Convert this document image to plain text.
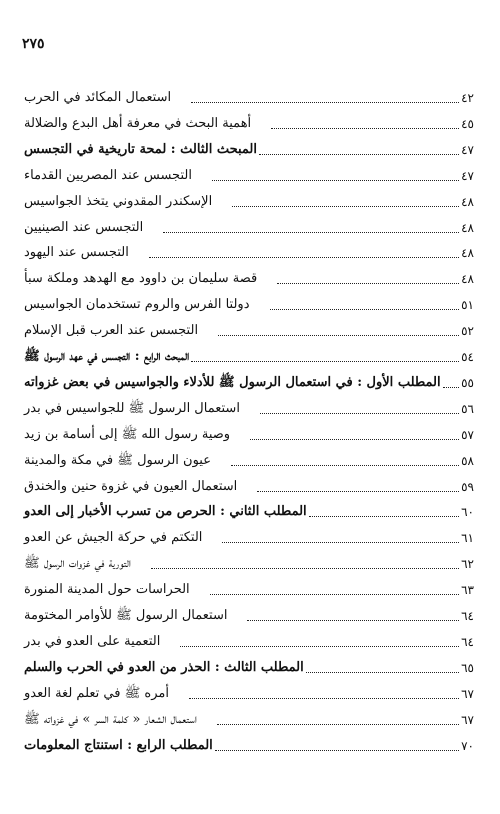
٢٧٥
استعمال المكائد في الحرب	٤٢
أهمية البحث في معرفة أهل البدع والضلالة	٤٥
المبحث الثالث : لمحة تاريخية في التجسس	٤٧
التجسس عند المصريين القدماء	٤٧
الإسكندر المقدوني يتخذ الجواسيس	٤٨
التجسس عند الصينيين	٤٨
التجسس عند اليهود	٤٨
قصة سليمان بن داوود مع الهدهد وملكة سبأ	٤٨
دولتا الفرس والروم تستخدمان الجواسيس	٥١
التجسس عند العرب قبل الإسلام	٥٢
المبحث الرابع : التجسس في عهد الرسول ﷺ	٥٤
المطلب الأول : في استعمال الرسول ﷺ للأدلاء والجواسيس في بعض غزواته ٥٥
استعمال الرسول ﷺ للجواسيس في بدر	٥٦
وصية رسول الله ﷺ إلى أسامة بن زيد	٥٧
عيون الرسول ﷺ في مكة والمدينة	٥٨
استعمال العيون في غزوة حنين والخندق	٥٩
المطلب الثاني : الحرص من تسرب الأخبار إلى العدو	٦٠
التكتم في حركة الجيش عن العدو	٦١
التورية في غزوات الرسول ﷺ	٦٢
الحراسات حول المدينة المنورة	٦٣
استعمال الرسول ﷺ للأوامر المختومة	٦٤
التعمية على العدو في بدر	٦٤
المطلب الثالث : الحذر من العدو في الحرب والسلم	٦٥
أمره ﷺ في تعلم لغة العدو	٦٧
استعمال الشعار « كلمة السر » في غزواته ﷺ	٦٧
المطلب الرابع : استنتاج المعلومات	٧٠
